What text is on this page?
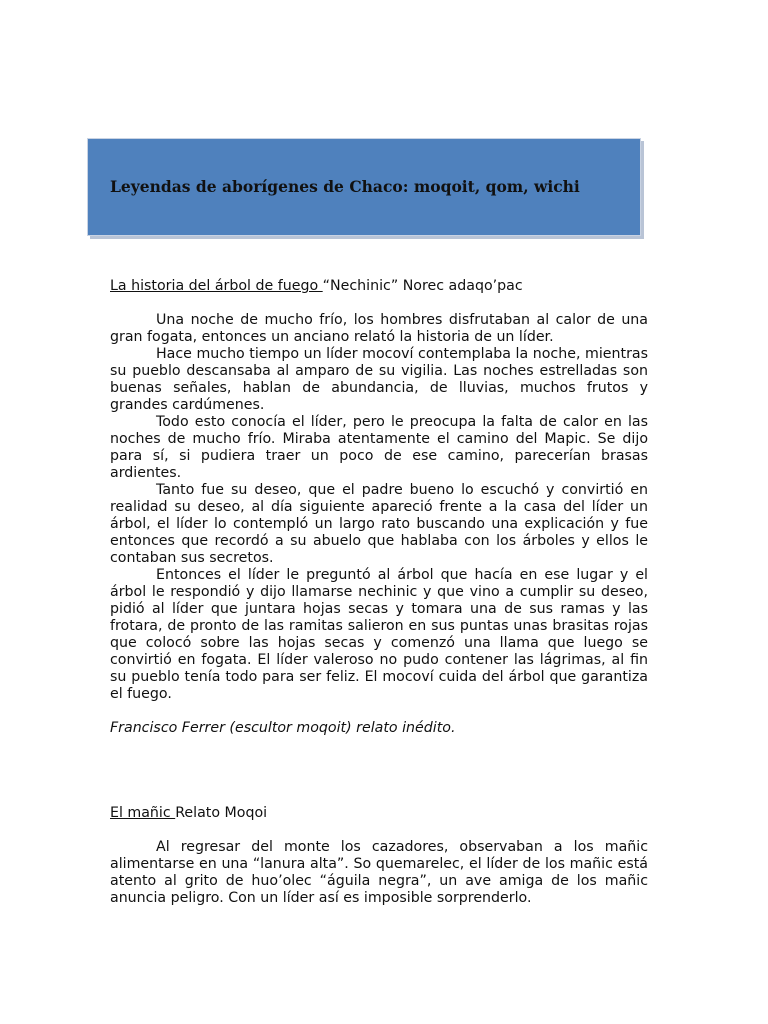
Leyendas de aborígenes de Chaco: moqoit, qom, wichi
La historia del árbol de fuego “Nechinic” Norec adaqo’pac

Una noche de mucho frío, los hombres disfrutaban al calor de una gran fogata, entonces un anciano relató la historia de un líder.

Hace mucho tiempo un líder mocoví contemplaba la noche, mientras su pueblo descansaba al amparo de su vigilia. Las noches estrelladas son buenas señales, hablan de abundancia, de lluvias, muchos frutos y grandes cardúmenes.

Todo esto conocía el líder, pero le preocupa la falta de calor en las noches de mucho frío. Miraba atentamente el camino del Mapic. Se dijo para sí, si pudiera traer un poco de ese camino, parecerían brasas ardientes.

Tanto fue su deseo, que el padre bueno lo escuchó y convirtió en realidad su deseo, al día siguiente apareció frente a la casa del líder un árbol, el líder lo contempló un largo rato buscando una explicación y fue entonces que recordó a su abuelo que hablaba con los árboles y ellos le contaban sus secretos.

Entonces el líder le preguntó al árbol que hacía en ese lugar y el árbol le respondió y dijo llamarse nechinic y que vino a cumplir su deseo, pidió al líder que juntara hojas secas y tomara una de sus ramas y las frotara, de pronto de las ramitas salieron en sus puntas unas brasitas rojas que colocó sobre las hojas secas y comenzó una llama que luego se convirtió en fogata. El líder valeroso no pudo contener las lágrimas, al fin su pueblo tenía todo para ser feliz. El mocoví cuida del árbol que garantiza el fuego.

Francisco Ferrer (escultor moqoit) relato inédito.

El mañic Relato Moqoi

Al regresar del monte los cazadores, observaban a los mañic alimentarse en una “lanura alta”. So quemarelec, el líder de los mañic está atento al grito de huo’olec “águila negra”, un ave amiga de los mañic anuncia peligro. Con un líder así es imposible sorprenderlo.
